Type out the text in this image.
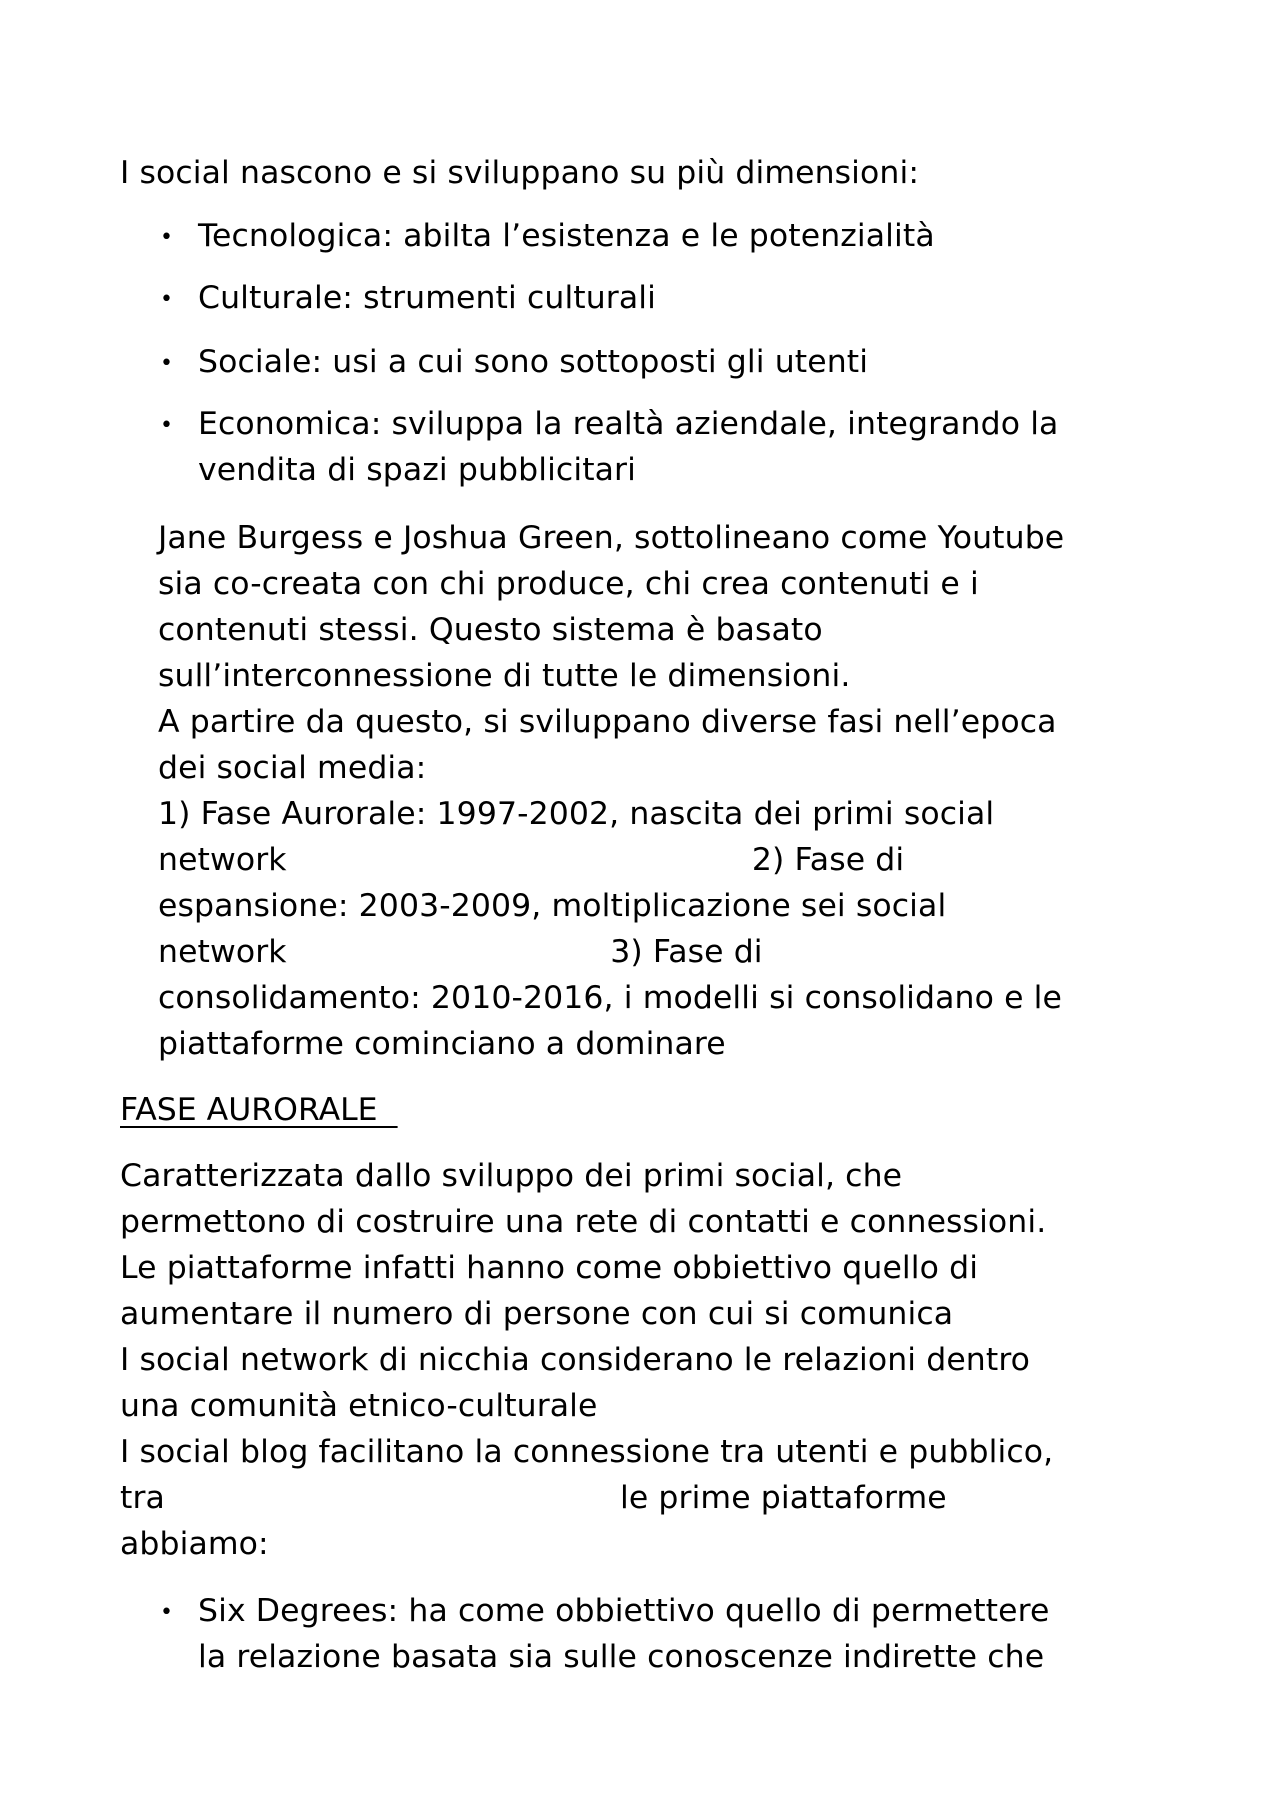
I social nascono e si sviluppano su più dimensioni:
• Tecnologica: abilta l’esistenza e le potenzialità
• Culturale: strumenti culturali
• Sociale: usi a cui sono sottoposti gli utenti
• Economica: sviluppa la realtà aziendale, integrando la
vendita di spazi pubblicitari
Jane Burgess e Joshua Green, sottolineano come Youtube
sia co-creata con chi produce, chi crea contenuti e i
contenuti stessi. Questo sistema è basato
sull’interconnessione di tutte le dimensioni.
A partire da questo, si sviluppano diverse fasi nell’epoca
dei social media:
1) Fase Aurorale: 1997-2002, nascita dei primi social
network                                              2) Fase di
espansione: 2003-2009, moltiplicazione sei social
network                                3) Fase di
consolidamento: 2010-2016, i modelli si consolidano e le
piattaforme cominciano a dominare
FASE AURORALE
Caratterizzata dallo sviluppo dei primi social, che
permettono di costruire una rete di contatti e connessioni.
Le piattaforme infatti hanno come obbiettivo quello di
aumentare il numero di persone con cui si comunica
I social network di nicchia considerano le relazioni dentro
una comunità etnico-culturale
I social blog facilitano la connessione tra utenti e pubblico,
tra                                             le prime piattaforme
abbiamo:
• Six Degrees: ha come obbiettivo quello di permettere
la relazione basata sia sulle conoscenze indirette che
